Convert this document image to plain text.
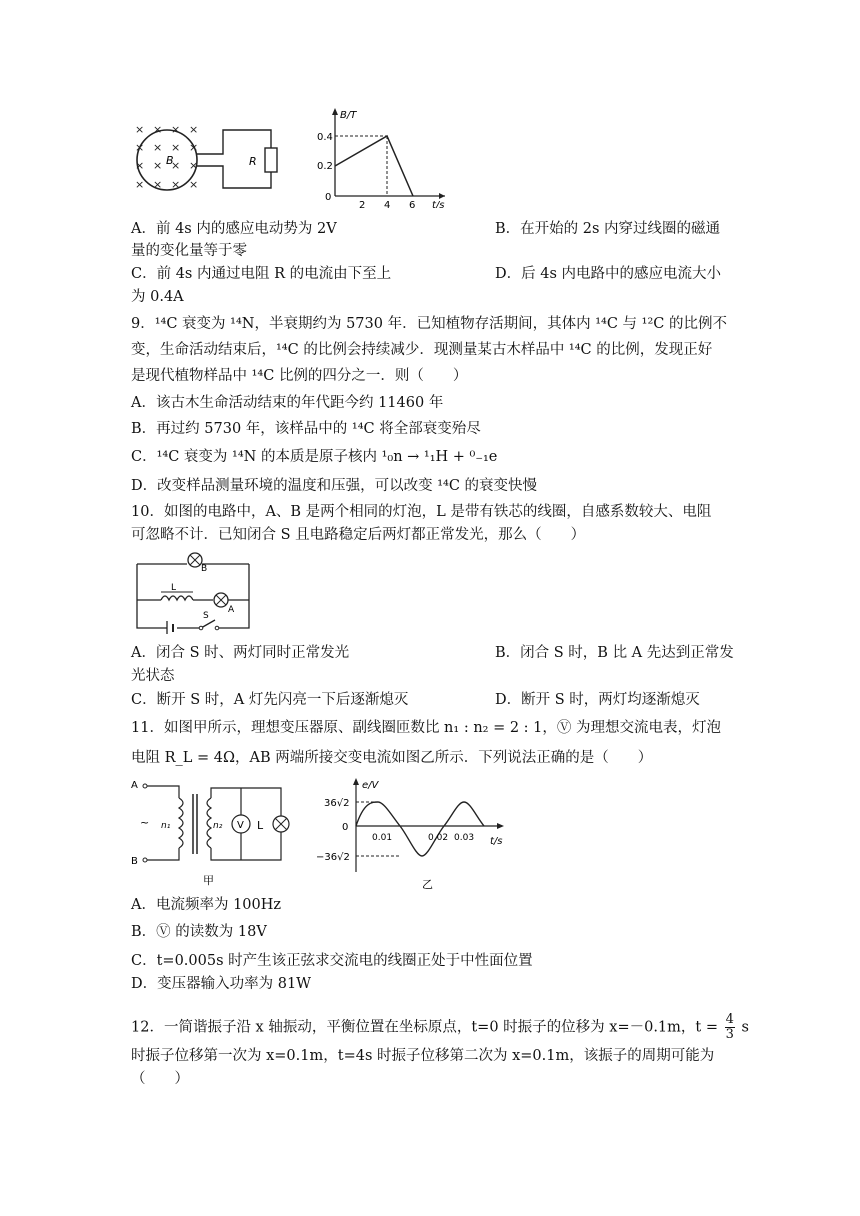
× × × ×
×	×
× × × ×
× × × ×
× ×
B	R
B/T
t/s
0.4
0.2
0
2 4 6
A．前 4s 内的感应电动势为 2V	B．在开始的 2s 内穿过线圈的磁通
量的变化量等于零
C．前 4s 内通过电阻 R 的电流由下至上	D．后 4s 内电路中的感应电流大小
为 0.4A
9．¹⁴C 衰变为 ¹⁴N，半衰期约为 5730 年．已知植物存活期间，其体内 ¹⁴C 与 ¹²C 的比例不
变，生命活动结束后，¹⁴C 的比例会持续减少．现测量某古木样品中 ¹⁴C 的比例，发现正好
是现代植物样品中 ¹⁴C 比例的四分之一．则（　　）
A．该古木生命活动结束的年代距今约 11460 年
B．再过约 5730 年，该样品中的 ¹⁴C 将全部衰变殆尽
C．¹⁴C 衰变为 ¹⁴N 的本质是原子核内 ¹₀n → ¹₁H + ⁰₋₁e
D．改变样品测量环境的温度和压强，可以改变 ¹⁴C 的衰变快慢
10．如图的电路中，A、B 是两个相同的灯泡，L 是带有铁芯的线圈，自感系数较大、电阻
可忽略不计．已知闭合 S 且电路稳定后两灯都正常发光，那么（　　）
S
B
L
A
A．闭合 S 时、两灯同时正常发光	B．闭合 S 时，B 比 A 先达到正常发
光状态
C．断开 S 时，A 灯先闪亮一下后逐渐熄灭	D．断开 S 时，两灯均逐渐熄灭
11．如图甲所示，理想变压器原、副线圈匝数比 n₁ : n₂ = 2 : 1，Ⓥ 为理想交流电表，灯泡
电阻 R_L = 4Ω，AB 两端所接交变电流如图乙所示．下列说法正确的是（　　）
A
B
~ n₁	n₂ V L
甲
e/V
t/s
36√2
0
−36√2
0.01	0.02 0.03
乙
A．电流频率为 100Hz
B．Ⓥ 的读数为 18V
C．t=0.005s 时产生该正弦求交流电的线圈正处于中性面位置
D．变压器输入功率为 81W
12．一简谐振子沿 x 轴振动，平衡位置在坐标原点，t=0 时振子的位移为 x=－0.1m，$t = \frac{4}{3}$ s
时振子位移第一次为 x=0.1m，t=4s 时振子位移第二次为 x=0.1m，该振子的周期可能为
（　　）
